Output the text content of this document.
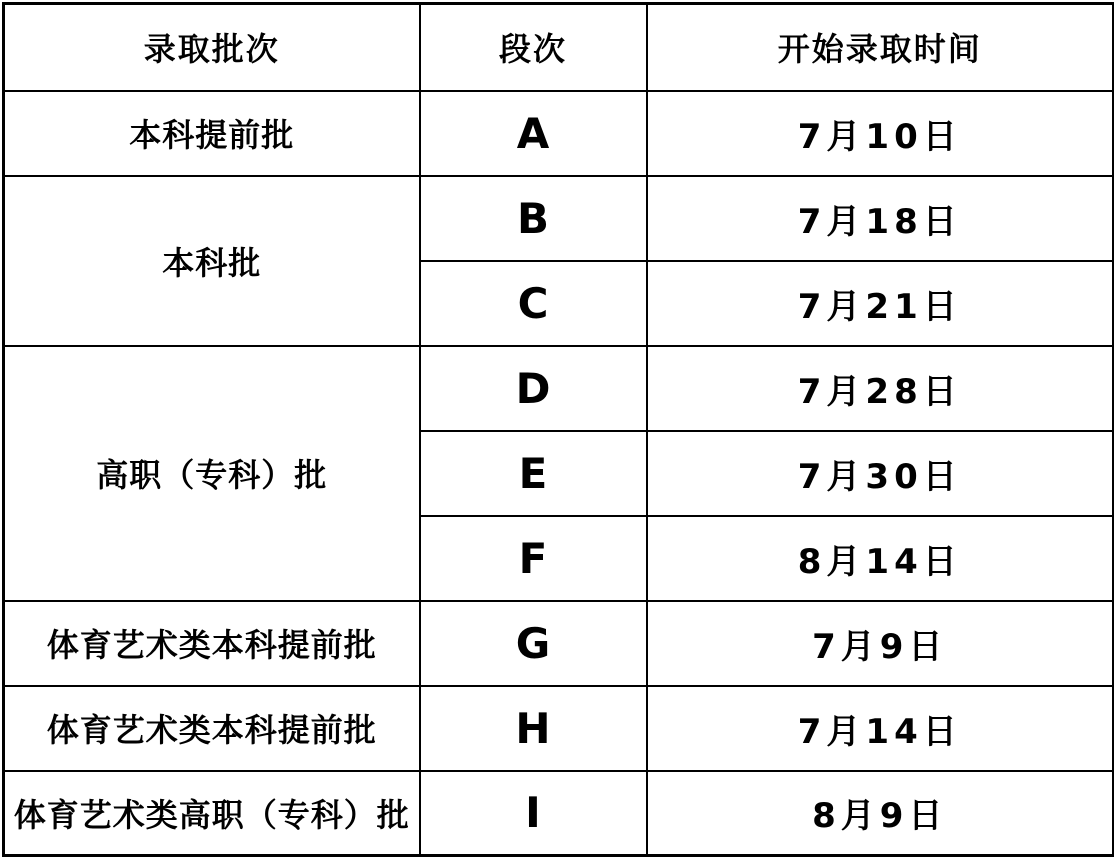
录取批次	段次	开始录取时间
本科提前批	A	7月10日
本科批	B	7月18日
	C	7月21日
高职（专科）批	D	7月28日
	E	7月30日
	F	8月14日
体育艺术类本科提前批	G	7月9日
体育艺术类本科提前批	H	7月14日
体育艺术类高职（专科）批	I	8月9日
